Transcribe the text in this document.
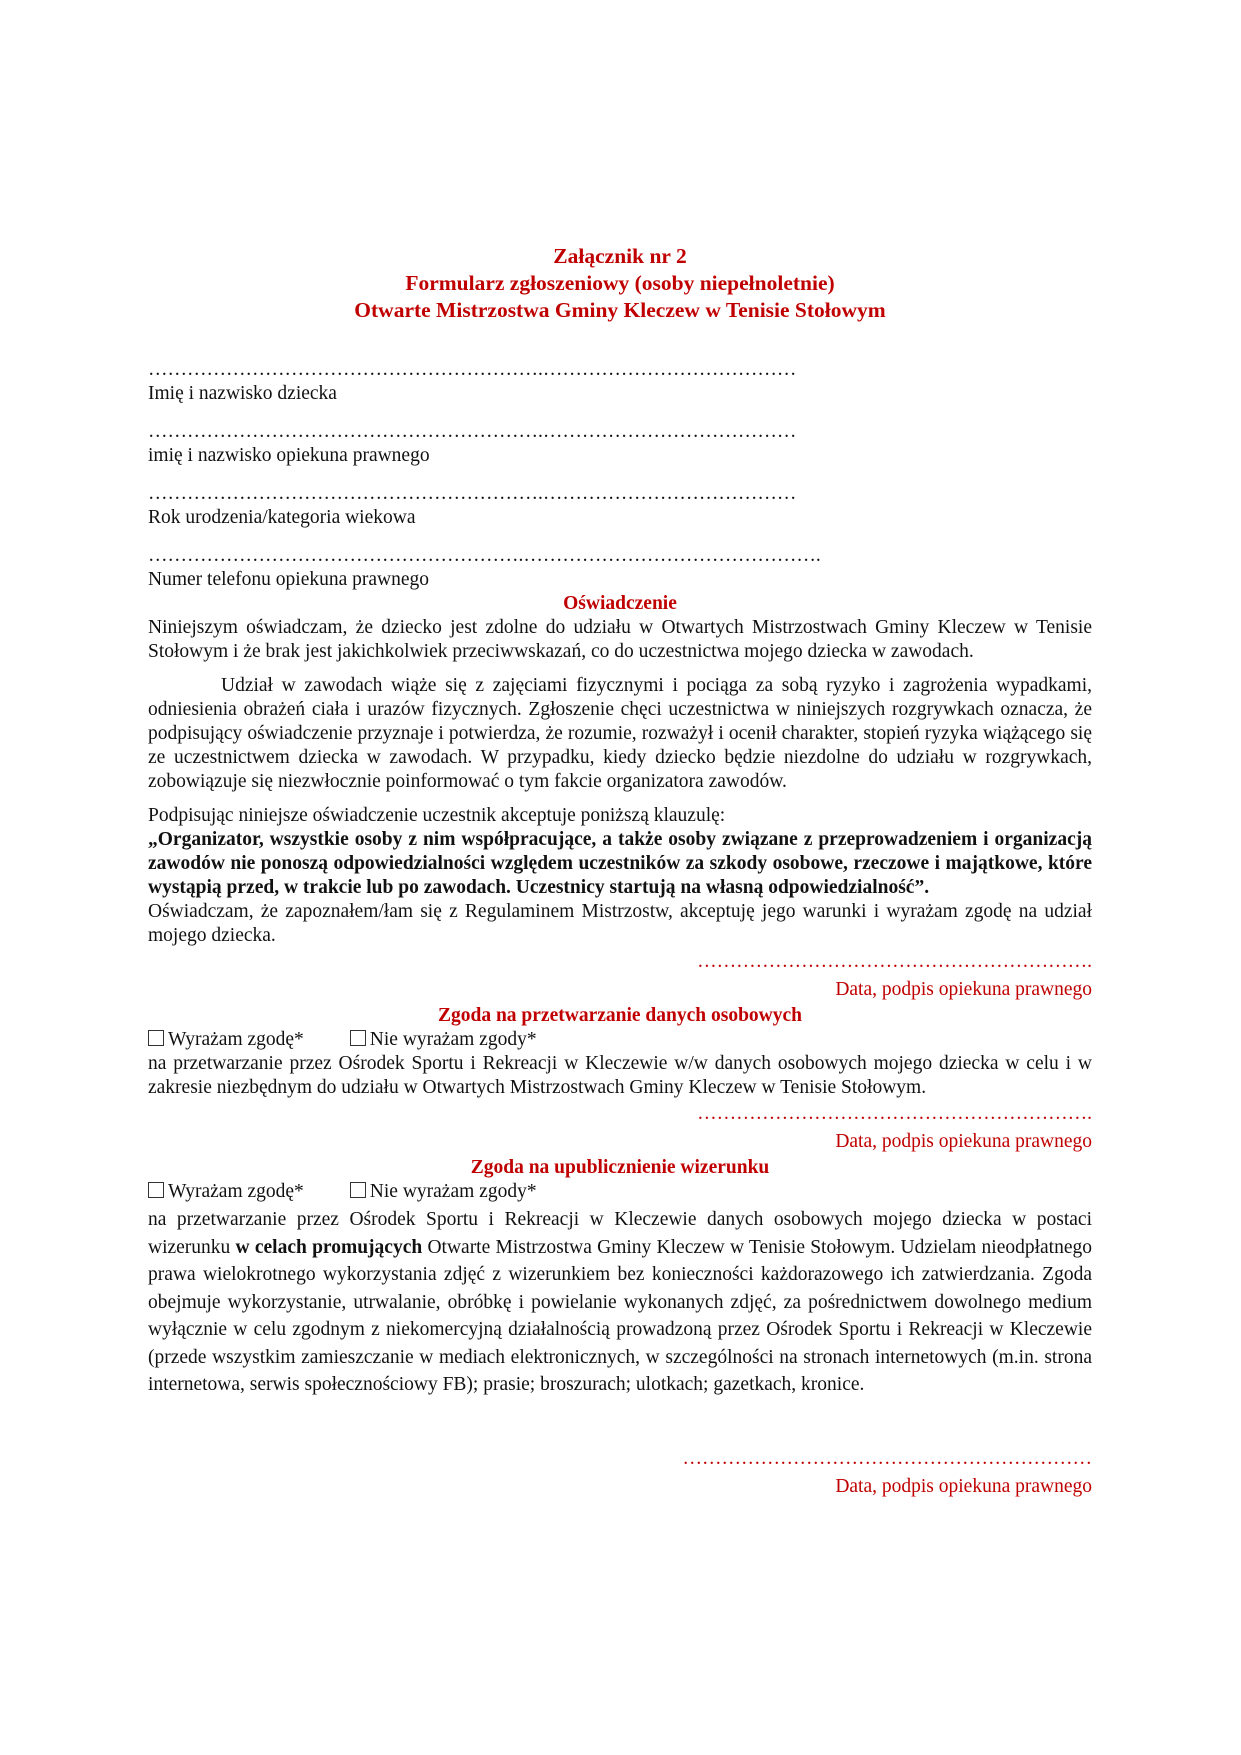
Załącznik nr 2
Formularz zgłoszeniowy (osoby niepełnoletnie)
Otwarte Mistrzostwa Gminy Kleczew w Tenisie Stołowym
…………………………………………………….…………………………………
Imię i nazwisko dziecka
…………………………………………………….…………………………………
imię i nazwisko opiekuna prawnego
…………………………………………………….…………………………………
Rok urodzenia/kategoria wiekowa
………………………………………………….……………………………………….
Numer telefonu opiekuna prawnego
Oświadczenie
Niniejszym oświadczam, że dziecko jest zdolne do udziału w Otwartych Mistrzostwach Gminy Kleczew w Tenisie Stołowym i że brak jest jakichkolwiek przeciwwskazań, co do uczestnictwa mojego dziecka w zawodach.
Udział w zawodach wiąże się z zajęciami fizycznymi i pociąga za sobą ryzyko i zagrożenia wypadkami, odniesienia obrażeń ciała i urazów fizycznych. Zgłoszenie chęci uczestnictwa w niniejszych rozgrywkach oznacza, że podpisujący oświadczenie przyznaje i potwierdza, że rozumie, rozważył i ocenił charakter, stopień ryzyka wiążącego się ze uczestnictwem dziecka w zawodach. W przypadku, kiedy dziecko będzie niezdolne do udziału w rozgrywkach, zobowiązuje się niezwłocznie poinformować o tym fakcie organizatora zawodów.
Podpisując niniejsze oświadczenie uczestnik akceptuje poniższą klauzulę:
„Organizator, wszystkie osoby z nim współpracujące, a także osoby związane z przeprowadzeniem i organizacją zawodów nie ponoszą odpowiedzialności względem uczestników za szkody osobowe, rzeczowe i majątkowe, które wystąpią przed, w trakcie lub po zawodach. Uczestnicy startują na własną odpowiedzialność”.
Oświadczam, że zapoznałem/łam się z Regulaminem Mistrzostw, akceptuję jego warunki i wyrażam zgodę na udział mojego dziecka.
…………………………………………………….
Data, podpis opiekuna prawnego
Zgoda na przetwarzanie danych osobowych
Wyrażam zgodę*	Nie wyrażam zgody*
na przetwarzanie przez Ośrodek Sportu i Rekreacji w Kleczewie w/w danych osobowych mojego dziecka w celu i w zakresie niezbędnym do udziału w Otwartych Mistrzostwach Gminy Kleczew w Tenisie Stołowym.
…………………………………………………….
Data, podpis opiekuna prawnego
Zgoda na upublicznienie wizerunku
Wyrażam zgodę*	Nie wyrażam zgody*
na przetwarzanie przez Ośrodek Sportu i Rekreacji w Kleczewie danych osobowych mojego dziecka w postaci wizerunku w celach promujących Otwarte Mistrzostwa Gminy Kleczew w Tenisie Stołowym. Udzielam nieodpłatnego prawa wielokrotnego wykorzystania zdjęć z wizerunkiem bez konieczności każdorazowego ich zatwierdzania. Zgoda obejmuje wykorzystanie, utrwalanie, obróbkę i powielanie wykonanych zdjęć, za pośrednictwem dowolnego medium wyłącznie w celu zgodnym z niekomercyjną działalnością prowadzoną przez Ośrodek Sportu i Rekreacji w Kleczewie (przede wszystkim zamieszczanie w mediach elektronicznych, w szczególności na stronach internetowych (m.in. strona internetowa, serwis społecznościowy FB); prasie; broszurach; ulotkach; gazetkach, kronice.
………………………………………………………
Data, podpis opiekuna prawnego
